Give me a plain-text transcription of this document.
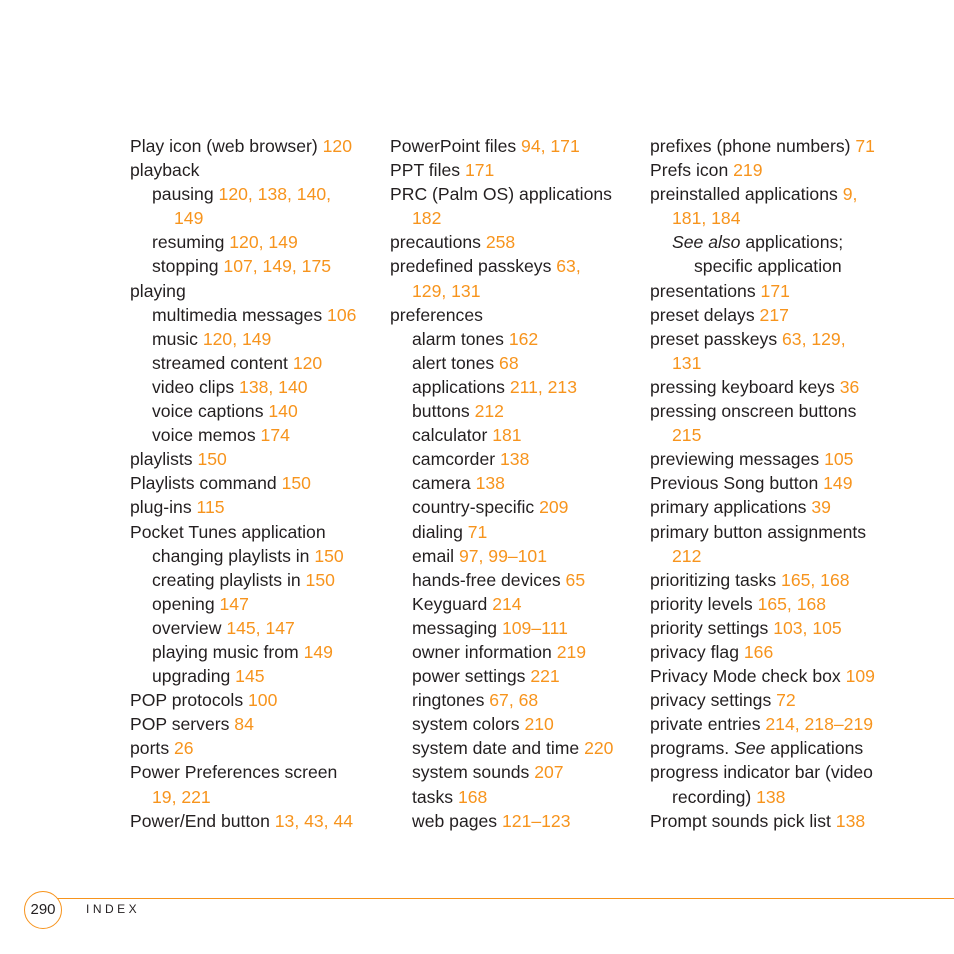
Play icon (web browser) 120
playback
pausing 120, 138, 140,
149
resuming 120, 149
stopping 107, 149, 175
playing
multimedia messages 106
music 120, 149
streamed content 120
video clips 138, 140
voice captions 140
voice memos 174
playlists 150
Playlists command 150
plug-ins 115
Pocket Tunes application
changing playlists in 150
creating playlists in 150
opening 147
overview 145, 147
playing music from 149
upgrading 145
POP protocols 100
POP servers 84
ports 26
Power Preferences screen
19, 221
Power/End button 13, 43, 44
PowerPoint files 94, 171
PPT files 171
PRC (Palm OS) applications
182
precautions 258
predefined passkeys 63,
129, 131
preferences
alarm tones 162
alert tones 68
applications 211, 213
buttons 212
calculator 181
camcorder 138
camera 138
country-specific 209
dialing 71
email 97, 99–101
hands-free devices 65
Keyguard 214
messaging 109–111
owner information 219
power settings 221
ringtones 67, 68
system colors 210
system date and time 220
system sounds 207
tasks 168
web pages 121–123
prefixes (phone numbers) 71
Prefs icon 219
preinstalled applications 9,
181, 184
See also applications;
specific application
presentations 171
preset delays 217
preset passkeys 63, 129,
131
pressing keyboard keys 36
pressing onscreen buttons
215
previewing messages 105
Previous Song button 149
primary applications 39
primary button assignments
212
prioritizing tasks 165, 168
priority levels 165, 168
priority settings 103, 105
privacy flag 166
Privacy Mode check box 109
privacy settings 72
private entries 214, 218–219
programs. See applications
progress indicator bar (video
recording) 138
Prompt sounds pick list 138
290	INDEX
